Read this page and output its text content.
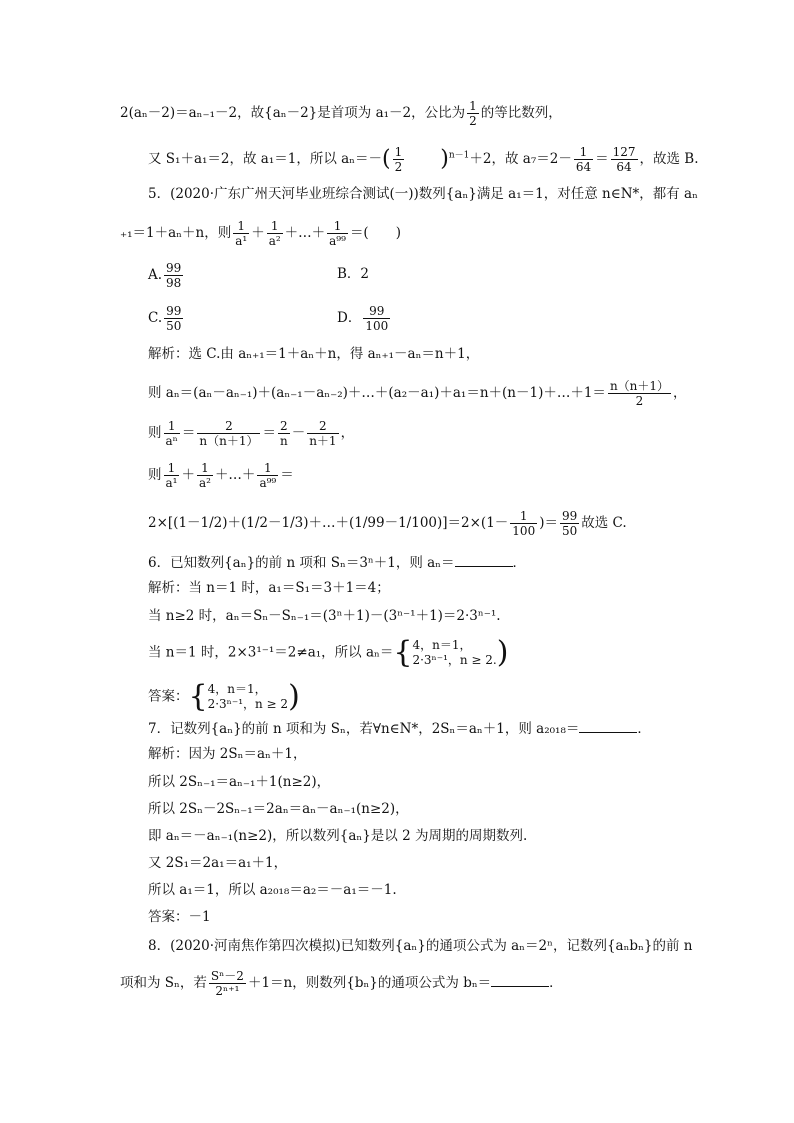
2(aₙ－2)＝aₙ₋₁－2，故{aₙ－2}是首项为 a₁－2，公比为 $\frac{1}{2}$ 的等比数列，
又 S₁＋a₁＝2，故 a₁＝1，所以 $a_n=-( \frac{1}{2} )^{n-1}+2$，故 $a_7=2- \frac{1}{64} = \frac{127}{64}$ ，故选 B.
5．(2020·广东广州天河毕业班综合测试(一))数列{aₙ}满足 a₁＝1，对任意 n∈N*，都有 aₙ
₊₁＝1＋aₙ＋n，则 $\frac{1}{\text{a¹}} + \frac{1}{\text{a²}}$ ＋…＋ $\frac{1}{\text{a⁹⁹}}$ ＝(　　)
A. $\frac{99}{98}$	B．2
C. $\frac{99}{50}$	D． $\frac{99}{100}$
解析：选 C.由 aₙ₊₁＝1＋aₙ＋n，得 aₙ₊₁－aₙ＝n＋1，
则 aₙ＝(aₙ－aₙ₋₁)＋(aₙ₋₁－aₙ₋₂)＋…＋(a₂－a₁)＋a₁＝n＋(n－1)＋…＋1＝ $\frac{n(n+1)}{2}$ ，
则 $\frac{1}{\text{aⁿ}} = \frac{2}{n(n+1)} = \frac{2}{n} - \frac{2}{n+1}$ ，
则 $\frac{1}{\text{a¹}} + \frac{1}{\text{a²}}$ ＋…＋ $\frac{1}{\text{a⁹⁹}}$ ＝
2×[(1－1/2)＋(1/2－1/3)＋…＋(1/99－1/100)]＝2×(1－ $\frac{1}{100}$ )＝ $\frac{99}{50}$ 故选 C.
6．已知数列{aₙ}的前 n 项和 Sₙ＝3ⁿ＋1，则 aₙ＝	．
解析：当 n＝1 时，a₁＝S₁＝3＋1＝4；
当 n≥2 时，aₙ＝Sₙ－Sₙ₋₁＝(3ⁿ＋1)－(3ⁿ⁻¹＋1)＝2·3ⁿ⁻¹.
当 n＝1 时，2×3¹⁻¹＝2≠a₁，所以 aₙ＝{ 4，n＝1，
2·3ⁿ⁻¹，n ≥ 2. )
答案：{ 4，n＝1，
2·3ⁿ⁻¹，n ≥ 2 )
7．记数列{aₙ}的前 n 项和为 Sₙ，若∀n∈N*，2Sₙ＝aₙ＋1，则 a₂₀₁₈＝	．
解析：因为 2Sₙ＝aₙ＋1，
所以 2Sₙ₋₁＝aₙ₋₁＋1(n≥2)，
所以 2Sₙ－2Sₙ₋₁＝2aₙ＝aₙ－aₙ₋₁(n≥2)，
即 aₙ＝－aₙ₋₁(n≥2)，所以数列{aₙ}是以 2 为周期的周期数列.
又 2S₁＝2a₁＝a₁＋1，
所以 a₁＝1，所以 a₂₀₁₈＝a₂＝－a₁＝－1.
答案：－1
8．(2020·河南焦作第四次模拟)已知数列{aₙ}的通项公式为 aₙ＝2ⁿ，记数列{aₙbₙ}的前 n
项和为 Sₙ，若 $\frac{\text{Sⁿ－2}}{\text{2ⁿ⁺¹}} +1=n$，则数列{bₙ}的通项公式为 bₙ＝	．
